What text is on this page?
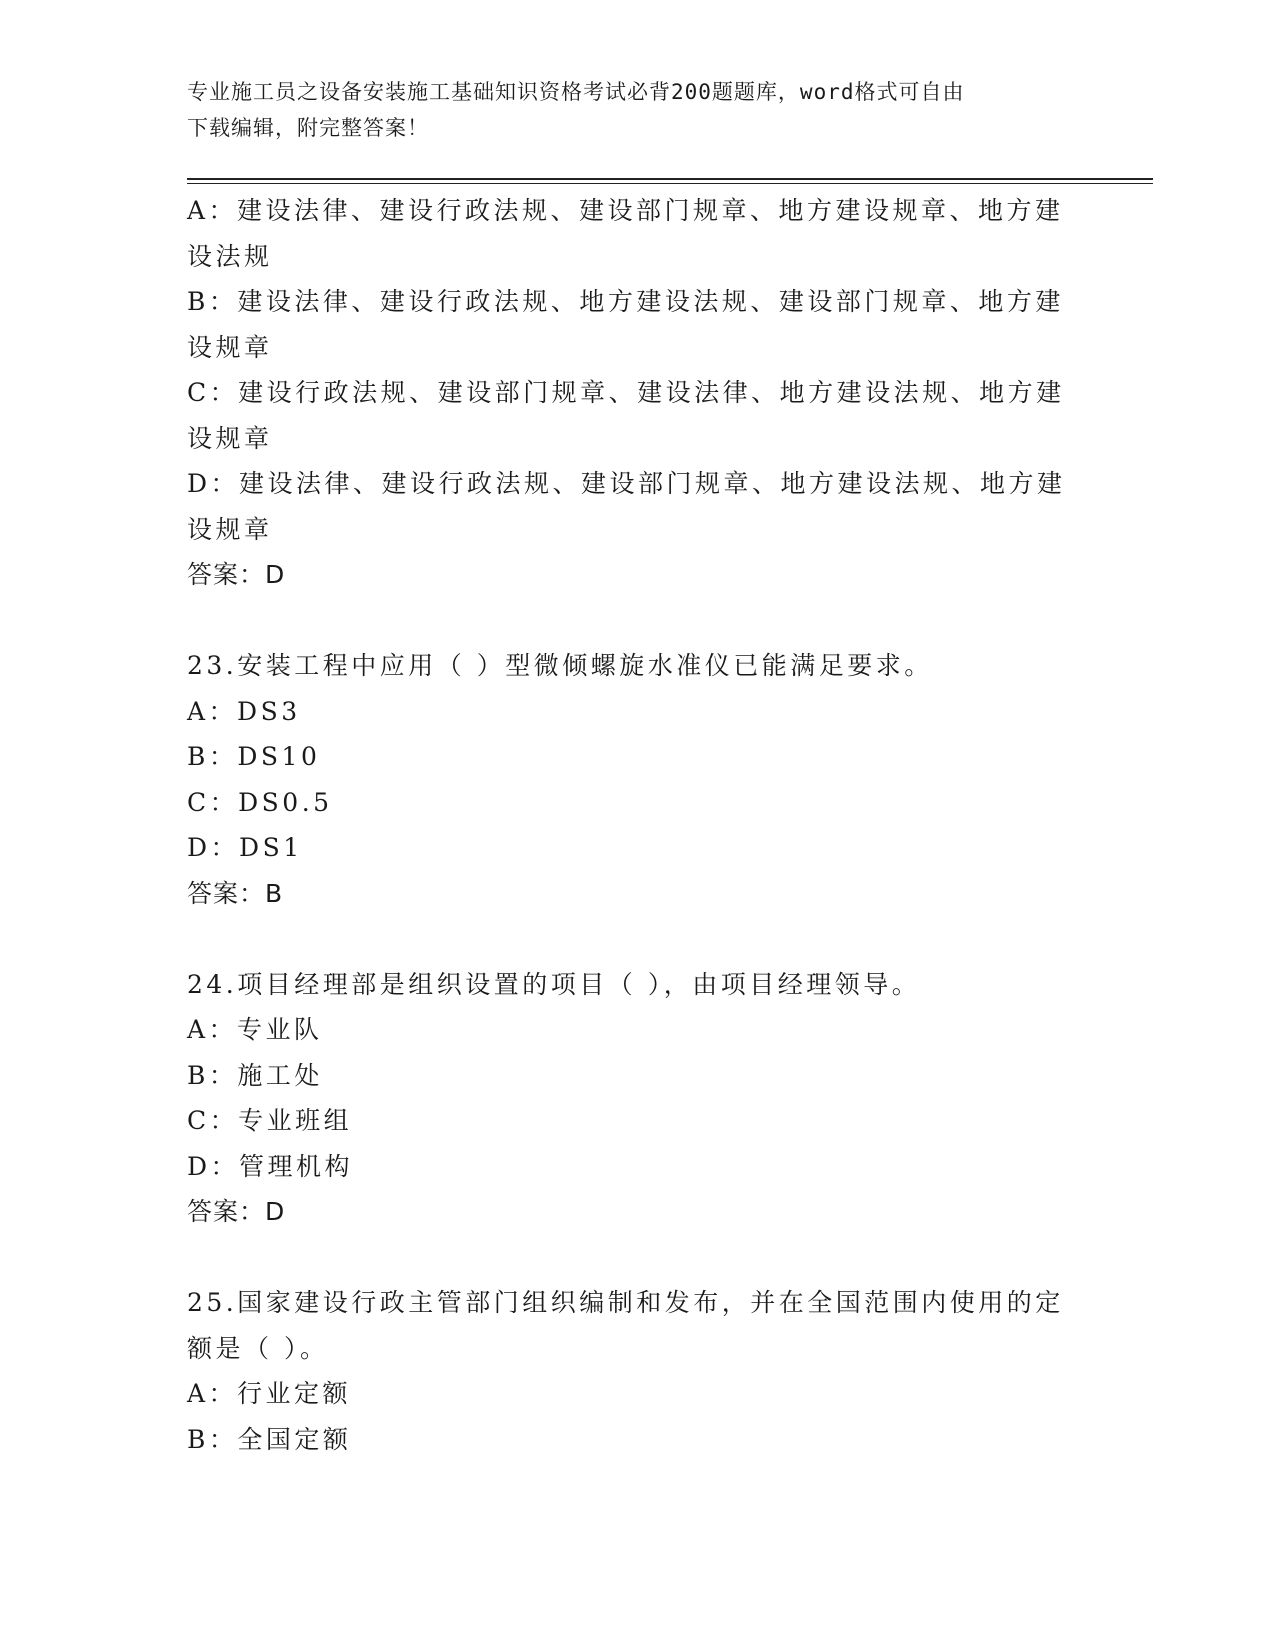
专业施工员之设备安装施工基础知识资格考试必背200题题库，word格式可自由
下载编辑，附完整答案！
A：建设法律、建设行政法规、建设部门规章、地方建设规章、地方建设法规
B：建设法律、建设行政法规、地方建设法规、建设部门规章、地方建设规章
C：建设行政法规、建设部门规章、建设法律、地方建设法规、地方建设规章
D：建设法律、建设行政法规、建设部门规章、地方建设法规、地方建设规章
答案：D
23.安装工程中应用（ ）型微倾螺旋水准仪已能满足要求。
A：DS3
B：DS10
C：DS0.5
D：DS1
答案：B
24.项目经理部是组织设置的项目（ ），由项目经理领导。
A：专业队
B：施工处
C：专业班组
D：管理机构
答案：D
25.国家建设行政主管部门组织编制和发布，并在全国范围内使用的定额是（ ）。
A：行业定额
B：全国定额
